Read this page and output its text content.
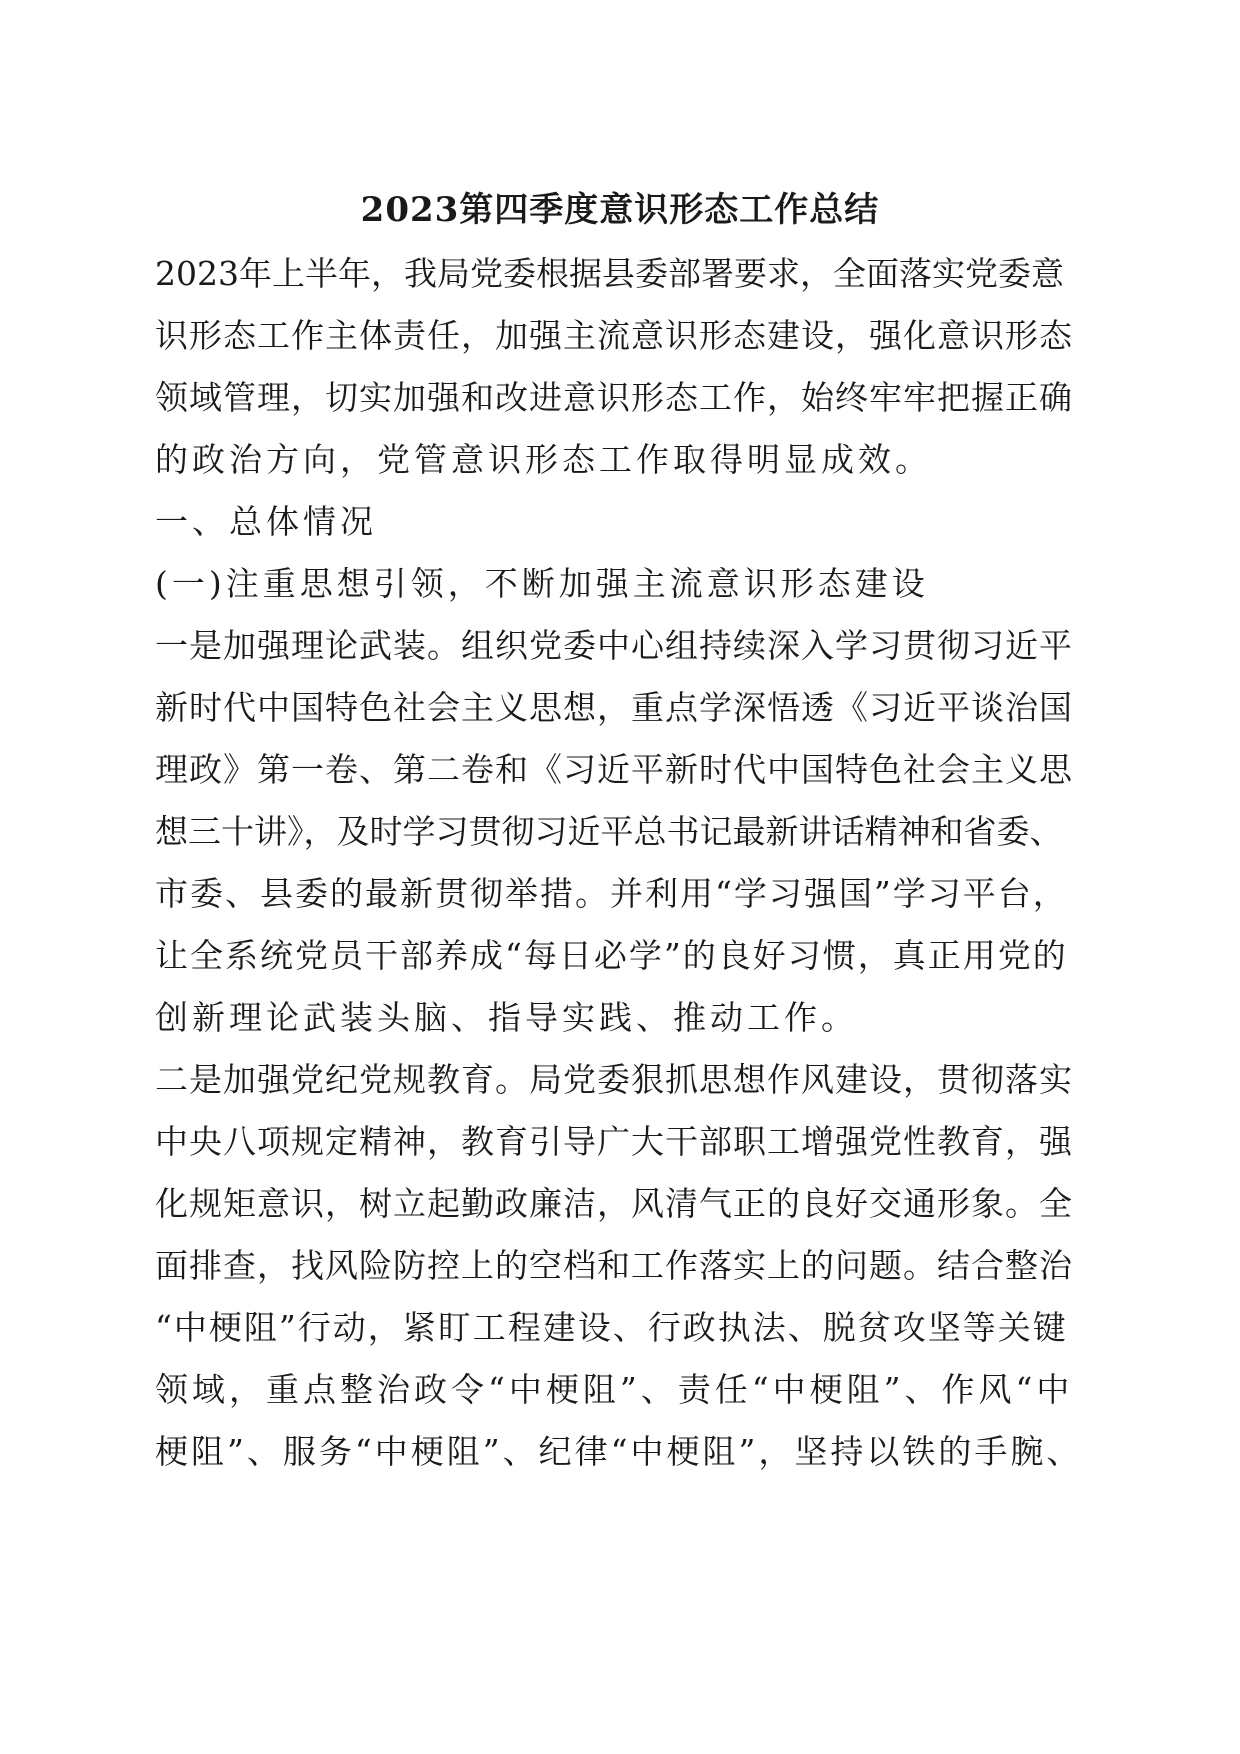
2023第四季度意识形态工作总结
2023年上半年，我局党委根据县委部署要求，全面落实党委意
识形态工作主体责任，加强主流意识形态建设，强化意识形态
领域管理，切实加强和改进意识形态工作，始终牢牢把握正确
的政治方向，党管意识形态工作取得明显成效。
一、总体情况
(一)注重思想引领，不断加强主流意识形态建设
一是加强理论武装。组织党委中心组持续深入学习贯彻习近平
新时代中国特色社会主义思想，重点学深悟透《习近平谈治国
理政》第一卷、第二卷和《习近平新时代中国特色社会主义思
想三十讲》，及时学习贯彻习近平总书记最新讲话精神和省委、
市委、县委的最新贯彻举措。并利用“学习强国”学习平台，
让全系统党员干部养成“每日必学”的良好习惯，真正用党的
创新理论武装头脑、指导实践、推动工作。
二是加强党纪党规教育。局党委狠抓思想作风建设，贯彻落实
中央八项规定精神，教育引导广大干部职工增强党性教育，强
化规矩意识，树立起勤政廉洁，风清气正的良好交通形象。全
面排查，找风险防控上的空档和工作落实上的问题。结合整治
“中梗阻”行动，紧盯工程建设、行政执法、脱贫攻坚等关键
领域，重点整治政令“中梗阻”、责任“中梗阻”、作风“中
梗阻”、服务“中梗阻”、纪律“中梗阻”，坚持以铁的手腕、
